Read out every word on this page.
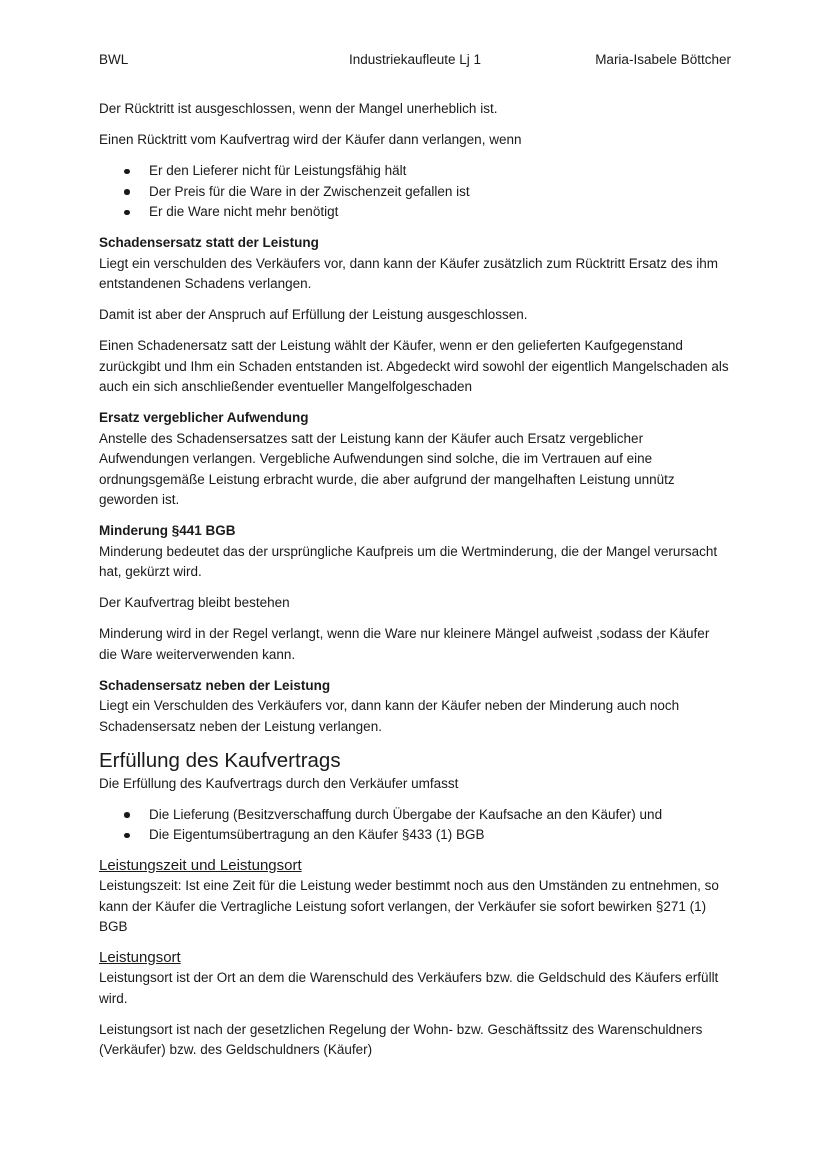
BWL	Industriekaufleute Lj 1	Maria-Isabele Böttcher

Der Rücktritt ist ausgeschlossen, wenn der Mangel unerheblich ist.

Einen Rücktritt vom Kaufvertrag wird der Käufer dann verlangen, wenn

Er den Lieferer nicht für Leistungsfähig hält
Der Preis für die Ware in der Zwischenzeit gefallen ist
Er die Ware nicht mehr benötigt
Schadensersatz statt der Leistung

Liegt ein verschulden des Verkäufers vor, dann kann der Käufer zusätzlich zum Rücktritt Ersatz des ihm entstandenen Schadens verlangen.

Damit ist aber der Anspruch auf Erfüllung der Leistung ausgeschlossen.

Einen Schadenersatz satt der Leistung wählt der Käufer, wenn er den gelieferten Kaufgegenstand zurückgibt und Ihm ein Schaden entstanden ist. Abgedeckt wird sowohl der eigentlich Mangelschaden als auch ein sich anschließender eventueller Mangelfolgeschaden

Ersatz vergeblicher Aufwendung

Anstelle des Schadensersatzes satt der Leistung kann der Käufer auch Ersatz vergeblicher Aufwendungen verlangen. Vergebliche Aufwendungen sind solche, die im Vertrauen auf eine ordnungsgemäße Leistung erbracht wurde, die aber aufgrund der mangelhaften Leistung unnütz geworden ist.

Minderung §441 BGB

Minderung bedeutet das der ursprüngliche Kaufpreis um die Wertminderung, die der Mangel verursacht hat, gekürzt wird.

Der Kaufvertrag bleibt bestehen

Minderung wird in der Regel verlangt, wenn die Ware nur kleinere Mängel aufweist ,sodass der Käufer die Ware weiterverwenden kann.

Schadensersatz neben der Leistung

Liegt ein Verschulden des Verkäufers vor, dann kann der Käufer neben der Minderung auch noch Schadensersatz neben der Leistung verlangen.

Erfüllung des Kaufvertrags

Die Erfüllung des Kaufvertrags durch den Verkäufer umfasst

Die Lieferung (Besitzverschaffung durch Übergabe der Kaufsache an den Käufer) und
Die Eigentumsübertragung an den Käufer §433 (1) BGB
Leistungszeit und Leistungsort

Leistungszeit: Ist eine Zeit für die Leistung weder bestimmt noch aus den Umständen zu entnehmen, so kann der Käufer die Vertragliche Leistung sofort verlangen, der Verkäufer sie sofort bewirken §271 (1) BGB

Leistungsort

Leistungsort ist der Ort an dem die Warenschuld des Verkäufers bzw. die Geldschuld des Käufers erfüllt wird.

Leistungsort ist nach der gesetzlichen Regelung der Wohn- bzw. Geschäftssitz des Warenschuldners (Verkäufer) bzw. des Geldschuldners (Käufer)
